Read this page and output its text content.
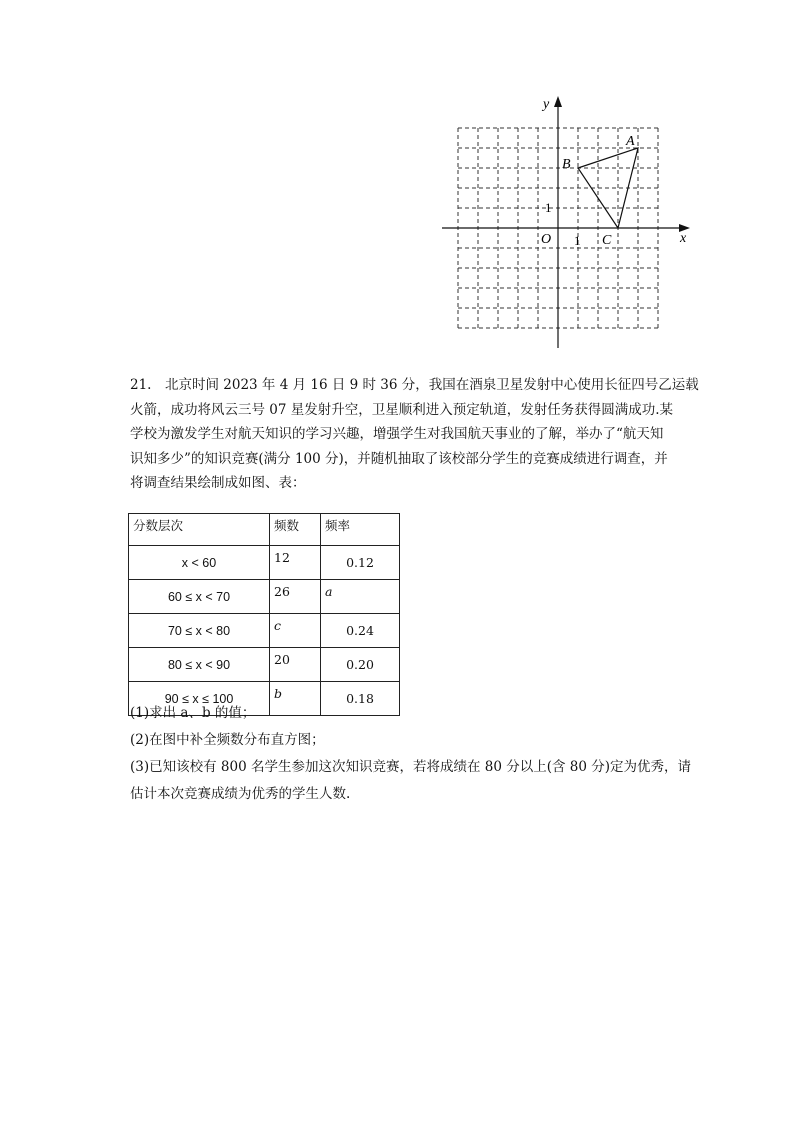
y
x
O 1
1
A
B
C
21.　北京时间 2023 年 4 月 16 日 9 时 36 分，我国在酒泉卫星发射中心使用长征四号乙运载
火箭，成功将风云三号 07 星发射升空，卫星顺利进入预定轨道，发射任务获得圆满成功.某
学校为激发学生对航天知识的学习兴趣，增强学生对我国航天事业的了解，举办了“航天知
识知多少”的知识竞赛(满分 100 分)，并随机抽取了该校部分学生的竞赛成绩进行调查，并
将调查结果绘制成如图、表：
分数层次	频数	频率
x < 60	12	0.12
60 ≤ x < 70	26	a
70 ≤ x < 80	c	0.24
80 ≤ x < 90	20	0.20
90 ≤ x ≤ 100	b	0.18
(1)求出 a、b 的值；
(2)在图中补全频数分布直方图；
(3)已知该校有 800 名学生参加这次知识竞赛，若将成绩在 80 分以上(含 80 分)定为优秀，请
估计本次竞赛成绩为优秀的学生人数.
